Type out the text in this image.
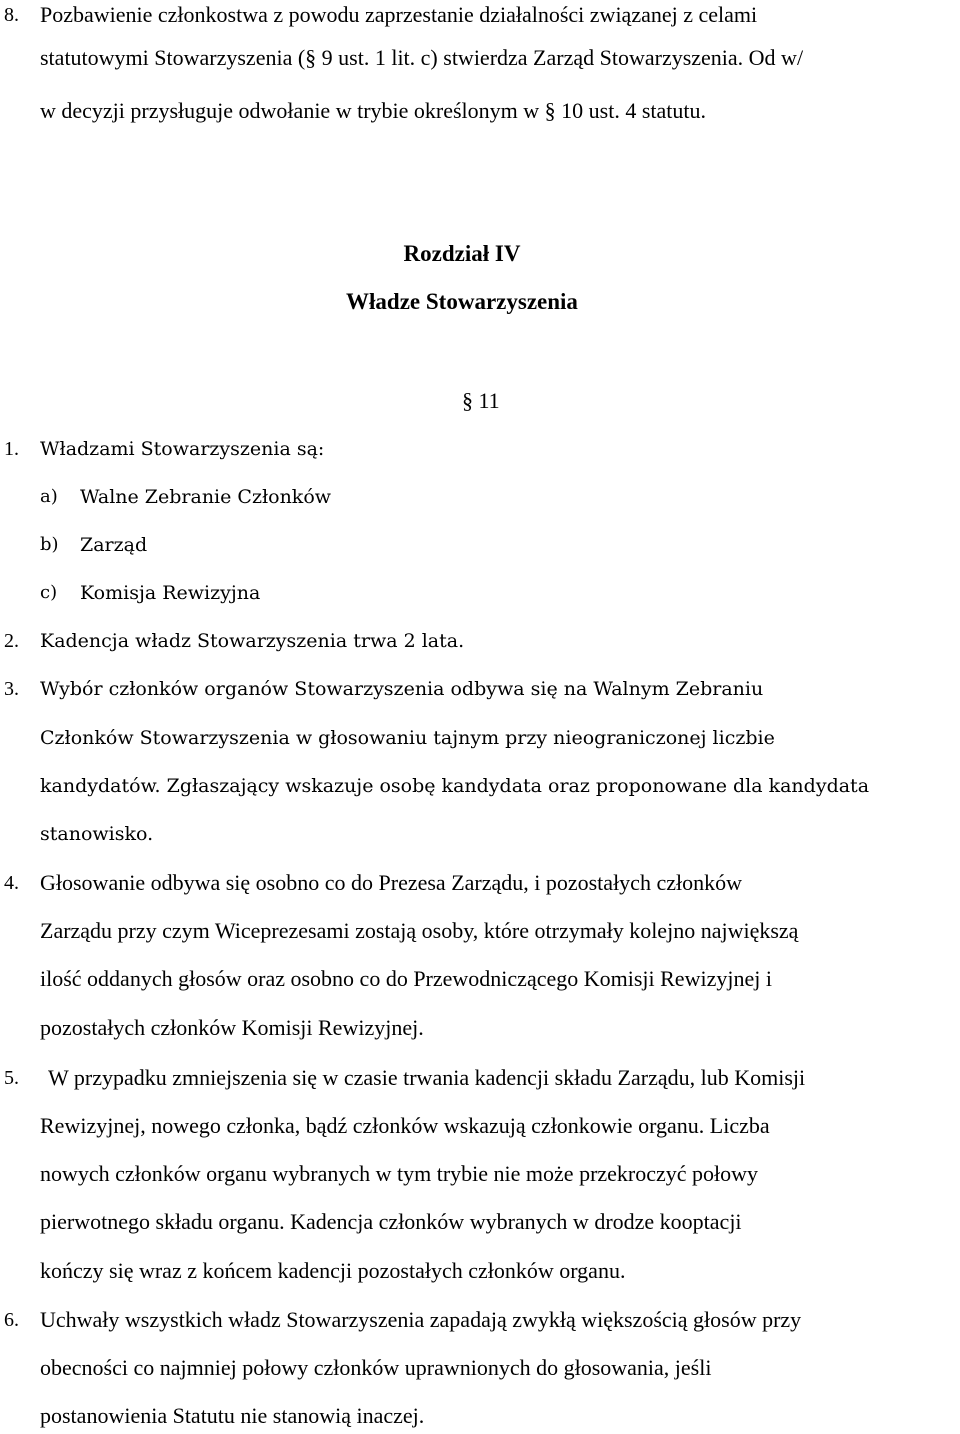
8. Pozbawienie członkostwa z powodu zaprzestanie działalności związanej z celami
statutowymi Stowarzyszenia (§ 9 ust. 1 lit. c) stwierdza Zarząd Stowarzyszenia. Od w/
w decyzji przysługuje odwołanie w trybie określonym w § 10 ust. 4 statutu.
Rozdział IV
Władze Stowarzyszenia
§ 11
1. Władzami Stowarzyszenia są:
a) Walne Zebranie Członków
b) Zarząd
c) Komisja Rewizyjna
2. Kadencja władz Stowarzyszenia trwa 2 lata.
3. Wybór członków organów Stowarzyszenia odbywa się na Walnym Zebraniu
Członków Stowarzyszenia w głosowaniu tajnym przy nieograniczonej liczbie
kandydatów. Zgłaszający wskazuje osobę kandydata oraz proponowane dla kandydata
stanowisko.
4. Głosowanie odbywa się osobno co do Prezesa Zarządu, i pozostałych członków
Zarządu przy czym Wiceprezesami zostają osoby, które otrzymały kolejno największą
ilość oddanych głosów oraz osobno co do Przewodniczącego Komisji Rewizyjnej i
pozostałych członków Komisji Rewizyjnej.
5. W przypadku zmniejszenia się w czasie trwania kadencji składu Zarządu, lub Komisji
Rewizyjnej, nowego członka, bądź członków wskazują członkowie organu. Liczba
nowych członków organu wybranych w tym trybie nie może przekroczyć połowy
pierwotnego składu organu. Kadencja członków wybranych w drodze kooptacji
kończy się wraz z końcem kadencji pozostałych członków organu.
6. Uchwały wszystkich władz Stowarzyszenia zapadają zwykłą większością głosów przy
obecności co najmniej połowy członków uprawnionych do głosowania, jeśli
postanowienia Statutu nie stanowią inaczej.
